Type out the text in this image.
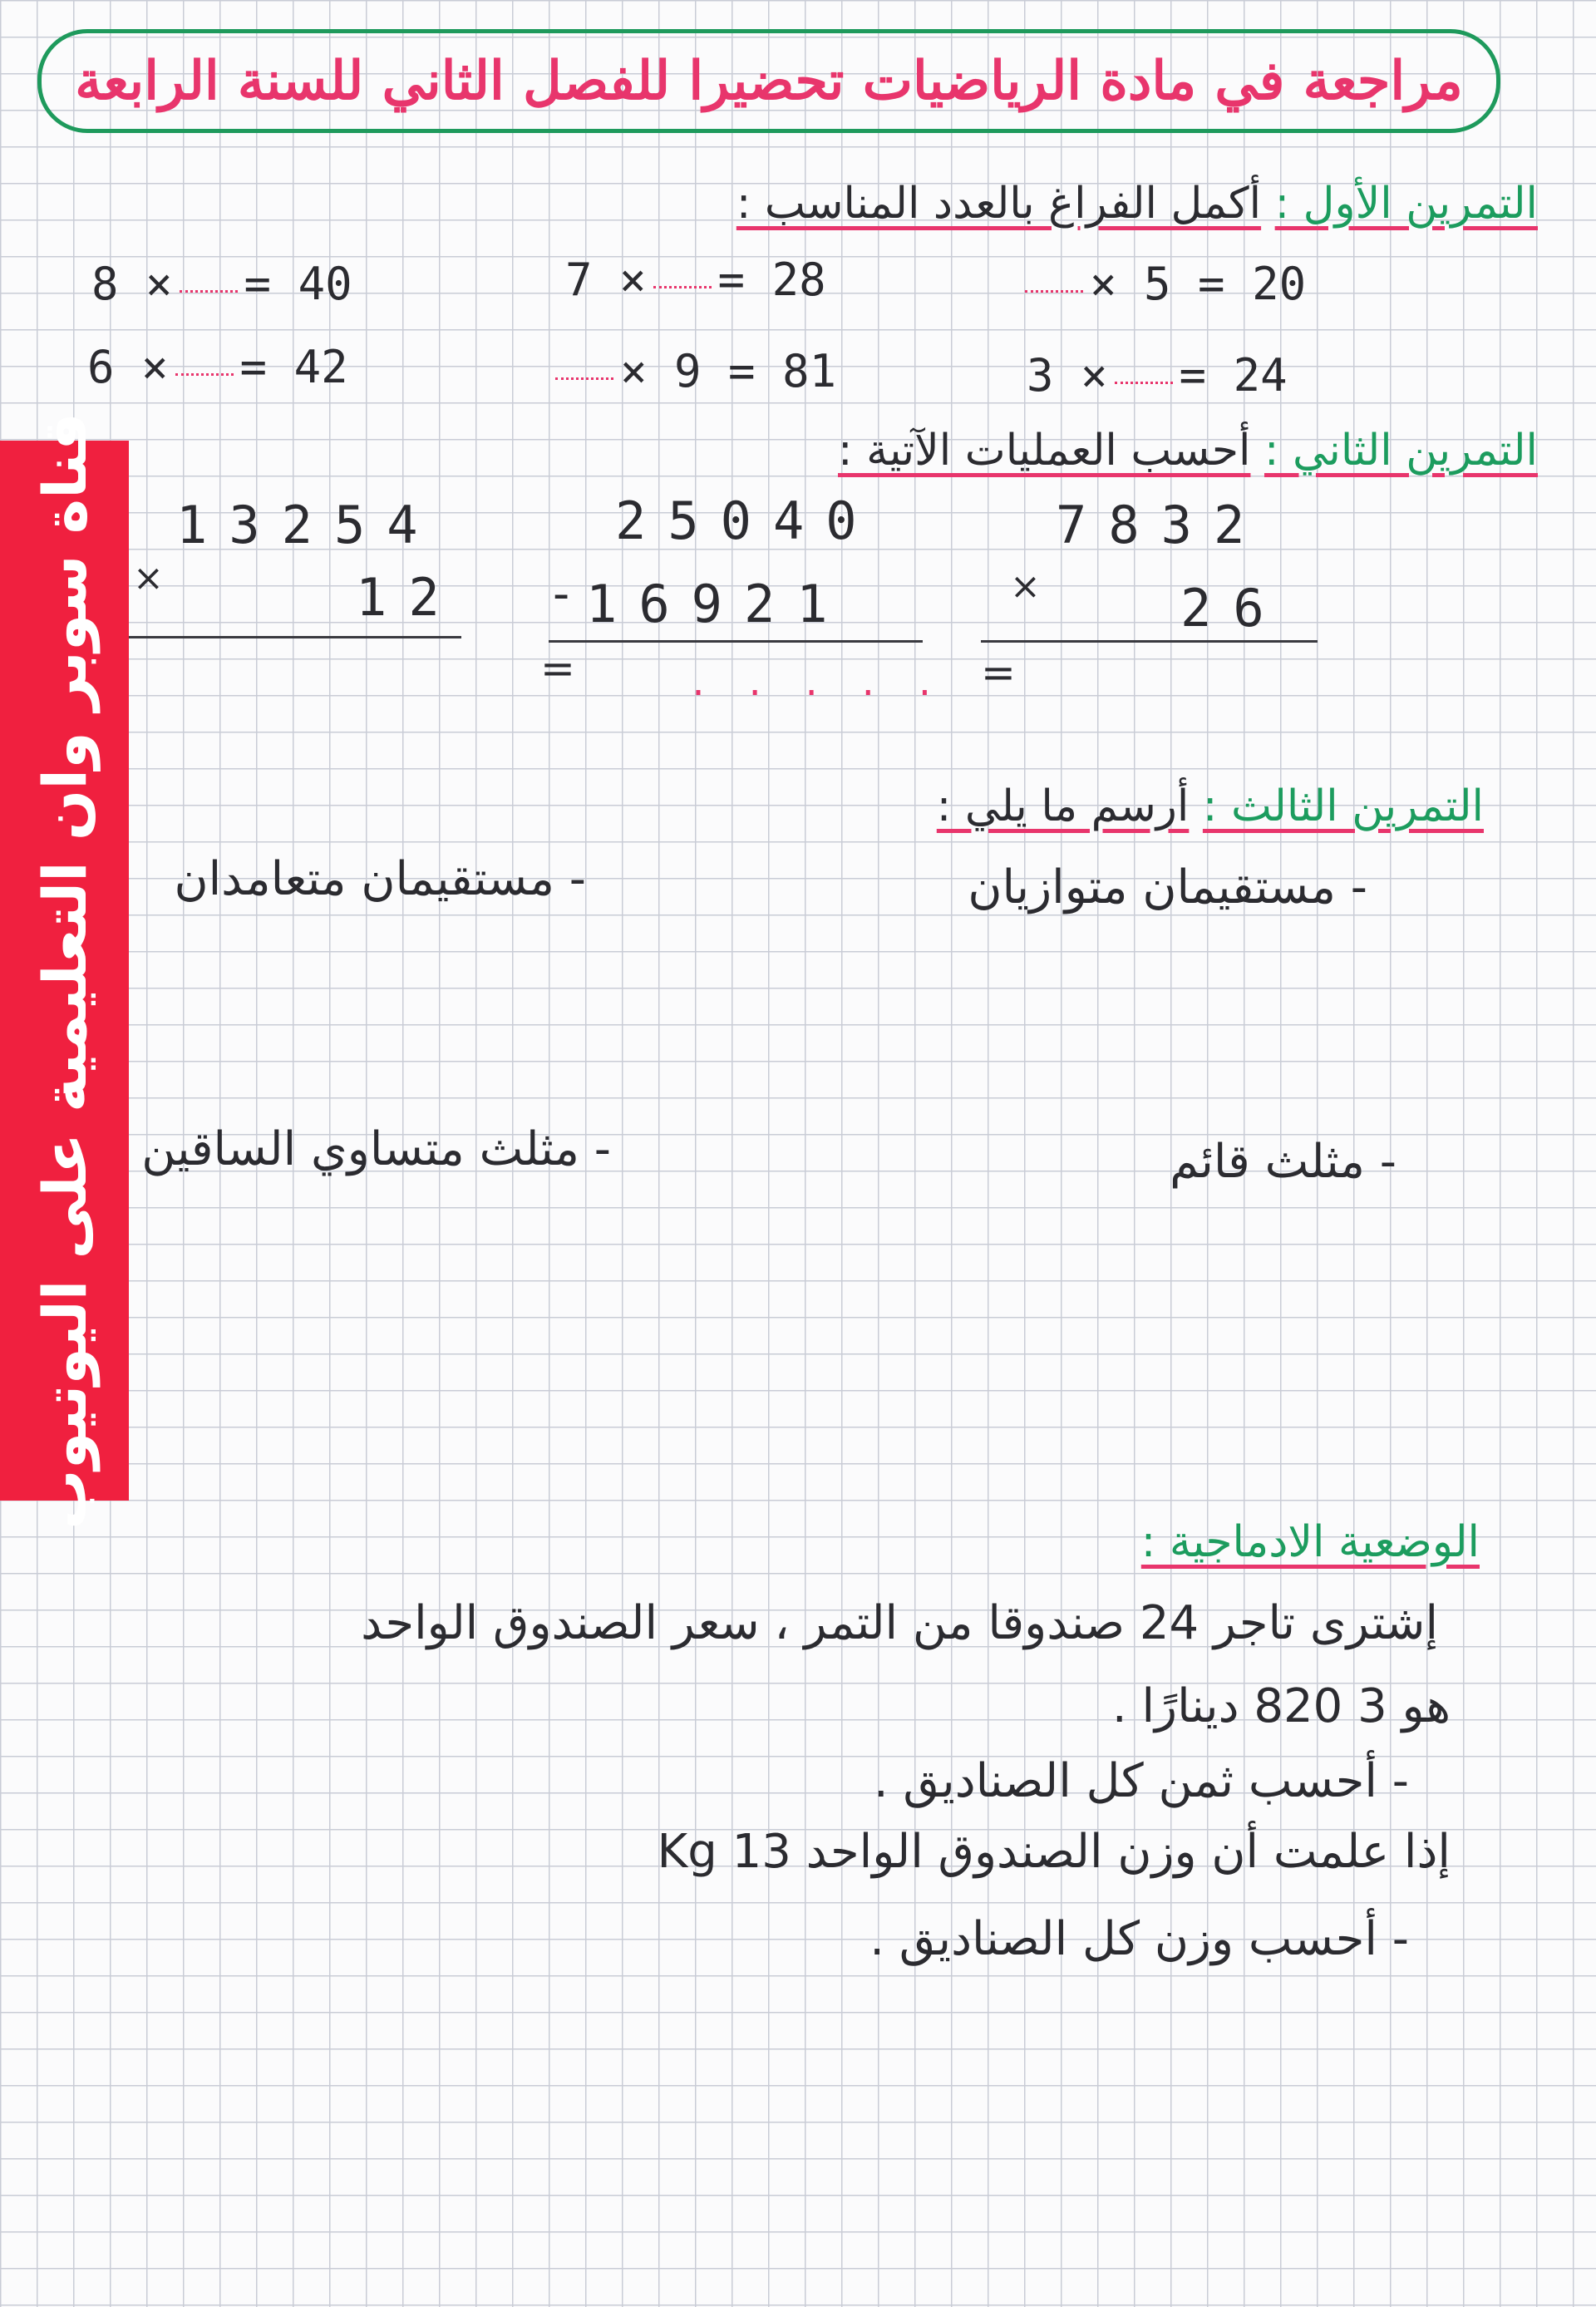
مراجعة في مادة الرياضيات تحضيرا للفصل الثاني للسنة الرابعة
التمرين الأول : أكمل الفراغ بالعدد المناسب :
× 5 = 20
7 × = 28
8 × = 40
3 × = 24
× 9 = 81
6 × = 42
التمرين الثاني : أحسب العمليات الآتية :
13254
×	12
25040
- 16921
=	.....
7832
×	26
=
التمرين الثالث : أرسم ما يلي :
- مستقيمان متوازيان
- مستقيمان متعامدان
- مثلث قائم
- مثلث متساوي الساقين
الوضعية الادماجية :
إشترى تاجر 24 صندوقا من التمر ، سعر الصندوق الواحد
هو 3 820 دينارًا .
- أحسب ثمن كل الصناديق .
إذا علمت أن وزن الصندوق الواحد 13 Kg
- أحسب وزن كل الصناديق .
قناة سوبر وان التعليمية على اليوتيوب
